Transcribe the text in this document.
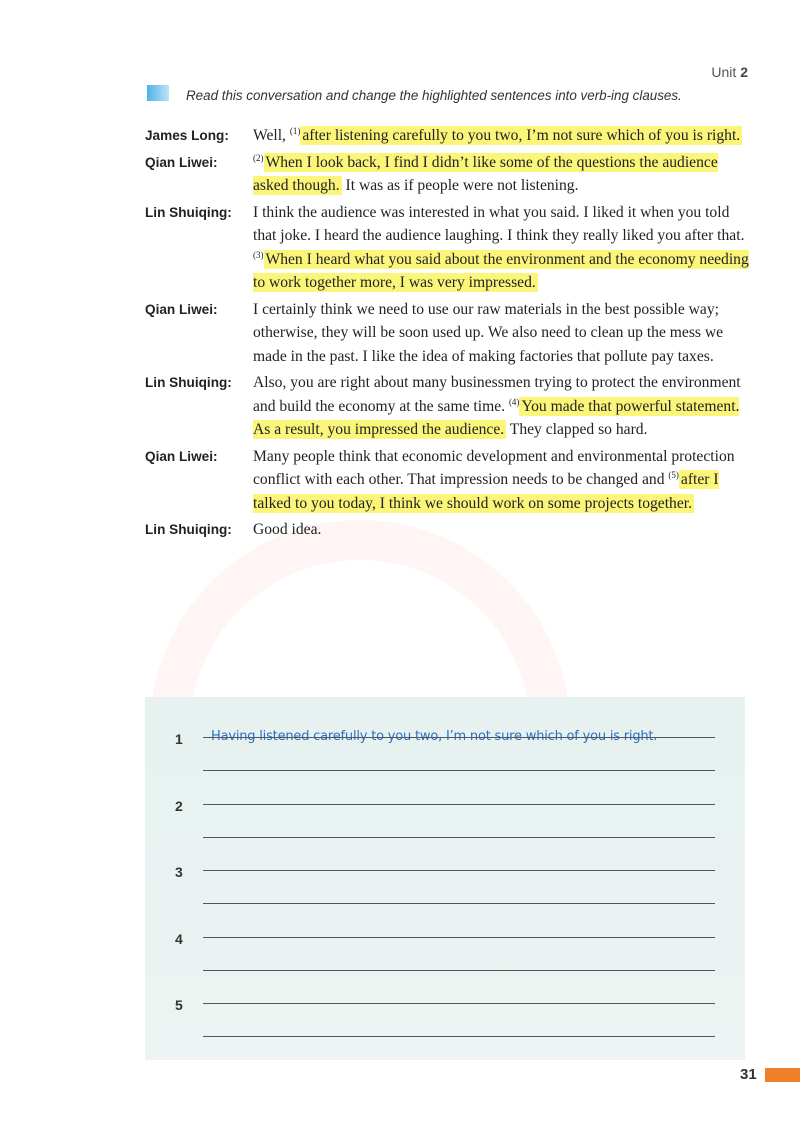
Unit 2
Read this conversation and change the highlighted sentences into verb-ing clauses.
James Long:	Well, $^{(1)}$ after listening carefully to you two, I’m not sure which of you is right.
Qian Liwei:	$^{(2)}$ When I look back, I find I didn’t like some of the questions the audience asked though. It was as if people were not listening.
Lin Shuiqing:	I think the audience was interested in what you said. I liked it when you told that joke. I heard the audience laughing. I think they really liked you after that. $^{(3)}$ When I heard what you said about the environment and the economy needing to work together more, I was very impressed.
Qian Liwei:	I certainly think we need to use our raw materials in the best possible way; otherwise, they will be soon used up. We also need to clean up the mess we made in the past. I like the idea of making factories that pollute pay taxes.
Lin Shuiqing:	Also, you are right about many businessmen trying to protect the environment and build the economy at the same time. $^{(4)}$ You made that powerful statement. As a result, you impressed the audience. They clapped so hard.
Qian Liwei:	Many people think that economic development and environmental protection conflict with each other. That impression needs to be changed and $^{(5)}$ after I talked to you today, I think we should work on some projects together.
Lin Shuiqing:	Good idea.
1 Having listened carefully to you two, I’m not sure which of you is right.
2
3
4
5
31
